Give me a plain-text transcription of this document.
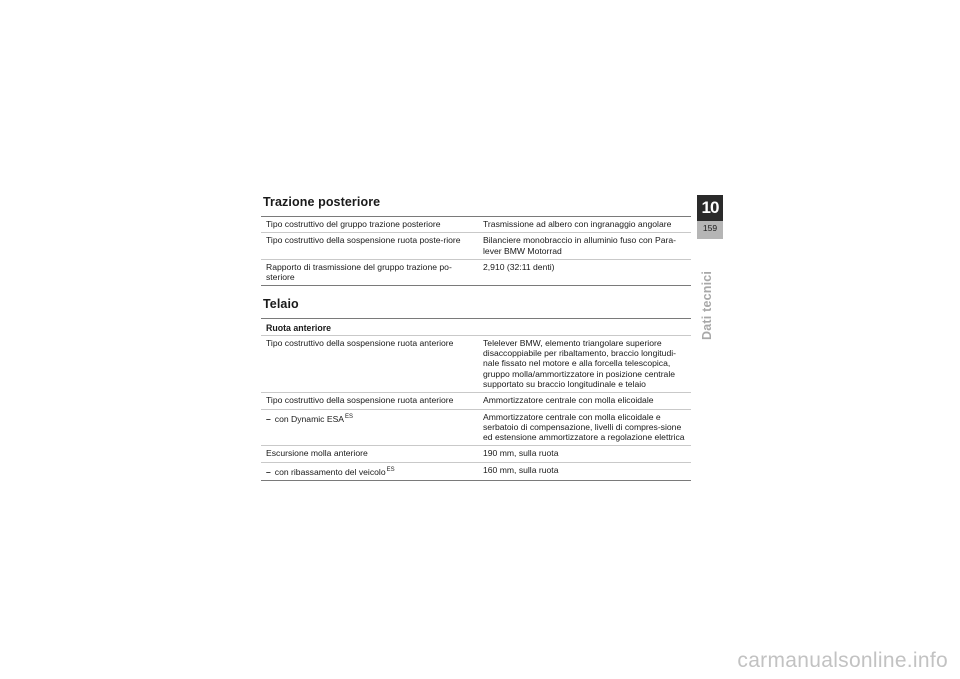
Trazione posteriore
Tipo costruttivo del gruppo trazione posteriore	Trasmissione ad albero con ingranaggio angolare
Tipo costruttivo della sospensione ruota poste-riore	Bilanciere monobraccio in alluminio fuso con Para-lever BMW Motorrad
Rapporto di trasmissione del gruppo trazione po-steriore	2,910 (32:11 denti)
Telaio
Ruota anteriore	
Tipo costruttivo della sospensione ruota anteriore	Telelever BMW, elemento triangolare superiore disaccoppiabile per ribaltamento, braccio longitudi-nale fissato nel motore e alla forcella telescopica, gruppo molla/ammortizzatore in posizione centrale supportato su braccio longitudinale e telaio
Tipo costruttivo della sospensione ruota anteriore	Ammortizzatore centrale con molla elicoidale
– con Dynamic $ESA^{ES}$	Ammortizzatore centrale con molla elicoidale e serbatoio di compensazione, livelli di compres-sione ed estensione ammortizzatore a regolazione elettrica
Escursione molla anteriore	190 mm, sulla ruota
– con ribassamento del veicolo$^{ES}$	160 mm, sulla ruota
10
159
Dati tecnici
carmanualsonline.info
